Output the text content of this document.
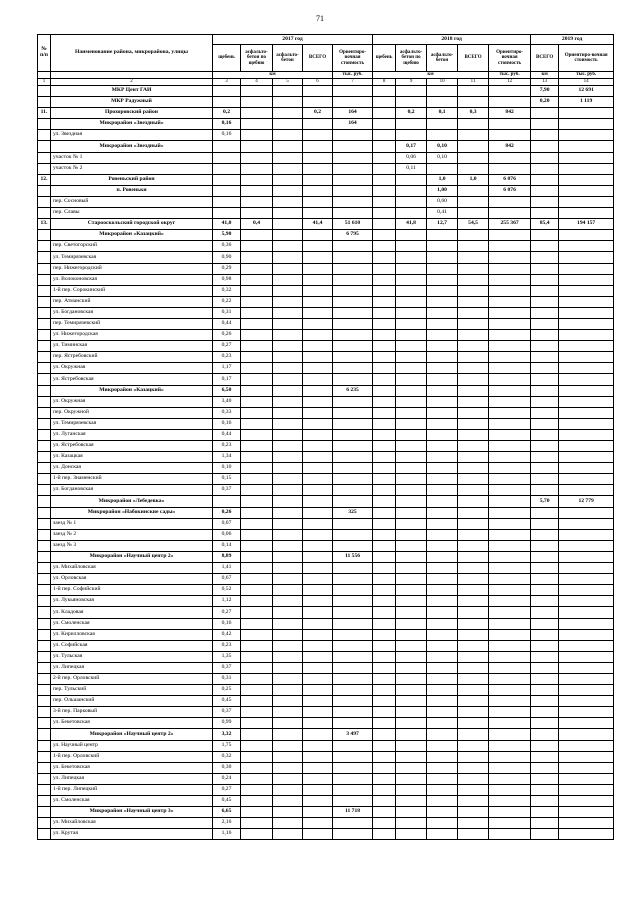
71
№ п/п	Наименование района, микрорайона, улицы	2017 год					2018 год					2019 год	
		щебень	асфальто-бетон по щебню	асфальто-бетон	ВСЕГО	Ориентиро-вочная стоимость	щебень	асфальто-бетон по щебню	асфальто-бетон	ВСЕГО	Ориентиро-вочная стоимость	ВСЕГО	Ориентиро-вочная стоимость
		км				тыс. руб.	км				тыс. руб.	км	тыс. руб.
1	2	3	4	5	6	7	8	9	10	11	12	13	14
	МКР Цент ГАИ											7,90	12 691
	МКР Радужный											0,20	1 119
11.	Прохоровский район	0,2			0,2	164		0,2	0,1	0,3	842		
	Микрорайон «Звездный»	0,16				164							
	ул. Звездная	0,16											
	Микрорайон «Звездный»							0,17	0,10		842		
	участок № 1							0,06	0,10				
	участок № 2							0,11					
12.	Ровеньский район								1,0	1,0	6 076		
	п. Ровеньки								1,00		6 076		
	пер. Сосновый								0,60				
	пер. Славы								0,41				
13.	Старооскольский городской округ	41,0	0,4		41,4	51 610		41,8	12,7	54,5	255 367	85,4	194 157
	Микрорайон «Казацкий»	5,90				6 795							
	пер. Светогорский	0,36											
	ул. Темирязевская	0,90											
	пер. Нижегородский	0,29											
	ул. Волоконовская	0,98											
	1-й пер. Сорокинский	0,32											
	пер. Атманский	0,22											
	ул. Богдановская	0,31											
	пер. Темирязевский	0,44											
	ул. Нижегородская	0,26											
	ул. Тиминская	0,27											
	пер. Ястребовский	0,23											
	ул. Окружная	1,17											
	ул. Ястребовская	0,17											
	Микрорайон «Казацкий»	6,50				6 235							
	ул. Окружная	3,40											
	пер. Окружной	0,33											
	ул. Темирязевская	0,16											
	ул. Луганская	0,44											
	ул. Ястребовская	0,23											
	ул. Казацкая	1,34											
	ул. Донская	0,10											
	1-й пер. Знаменский	0,15											
	ул. Богдановская	0,37											
	Микрорайон «Лебедевка»											5,70	12 779
	Микрорайон «Набокинские сады»	0,26				325							
	заезд № 1	0,07											
	заезд № 2	0,06											
	заезд № 3	0,14											
	Микрорайон «Научный центр 2»	8,89				11 556							
	ул. Михайловская	1,41											
	ул. Орловская	0,67											
	1-й пер. Софийский	0,52											
	ул. Лукьяновская	1,12											
	ул. Кладовая	0,27											
	ул. Смоленская	0,16											
	ул. Кирилловская	0,42											
	ул. Софийская	0,23											
	ул. Тульская	1,35											
	ул. Липецкая	0,37											
	2-й пер. Орловский	0,31											
	пер. Тульский	0,25											
	пер. Ольшанский	0,45											
	3-й пер. Парковый	0,37											
	ул. Бекетовская	0,99											
	Микрорайон «Научный центр 2»	3,32				3 497							
	ул. Научный центр	1,75											
	1-й пер. Орловский	0,32											
	ул. Бекетовская	0,30											
	ул. Липецкая	0,24											
	1-й пер. Липецкий	0,27											
	ул. Смоленская	0,45											
	Микрорайон «Научный центр 3»	6,65				11 718							
	ул. Михайловская	2,16											
	ул. Крутая	1,16											
